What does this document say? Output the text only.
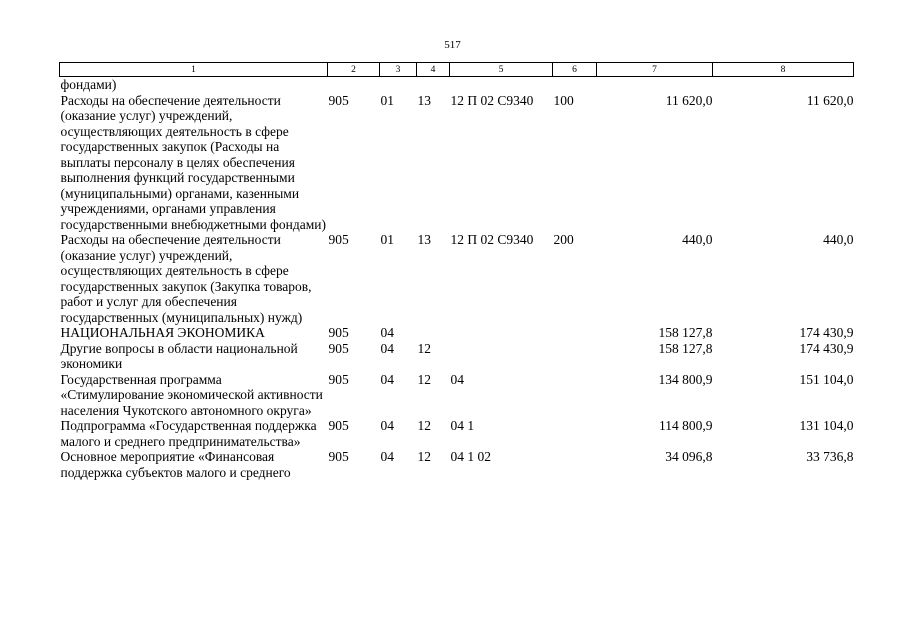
517
1	2	3	4	5	6	7	8
фондами)							
Расходы на обеспечение деятельности (оказание услуг) учреждений, осуществляющих деятельность в сфере государственных закупок (Расходы на выплаты персоналу в целях обеспечения выполнения функций государственными (муниципальными) органами, казенными учреждениями, органами управления государственными внебюджетными фондами)	905	01	13	12 П 02 С9340	100	11 620,0	11 620,0
Расходы на обеспечение деятельности (оказание услуг) учреждений, осуществляющих деятельность в сфере государственных закупок (Закупка товаров, работ и услуг для обеспечения государственных (муниципальных) нужд)	905	01	13	12 П 02 С9340	200	440,0	440,0
НАЦИОНАЛЬНАЯ ЭКОНОМИКА	905	04				158 127,8	174 430,9
Другие вопросы в области национальной экономики	905	04	12			158 127,8	174 430,9
Государственная программа «Стимулирование экономической активности населения Чукотского автономного округа»	905	04	12	04		134 800,9	151 104,0
Подпрограмма «Государственная поддержка малого и среднего предпринимательства»	905	04	12	04 1		114 800,9	131 104,0
Основное мероприятие «Финансовая поддержка субъектов малого и среднего	905	04	12	04 1 02		34 096,8	33 736,8
